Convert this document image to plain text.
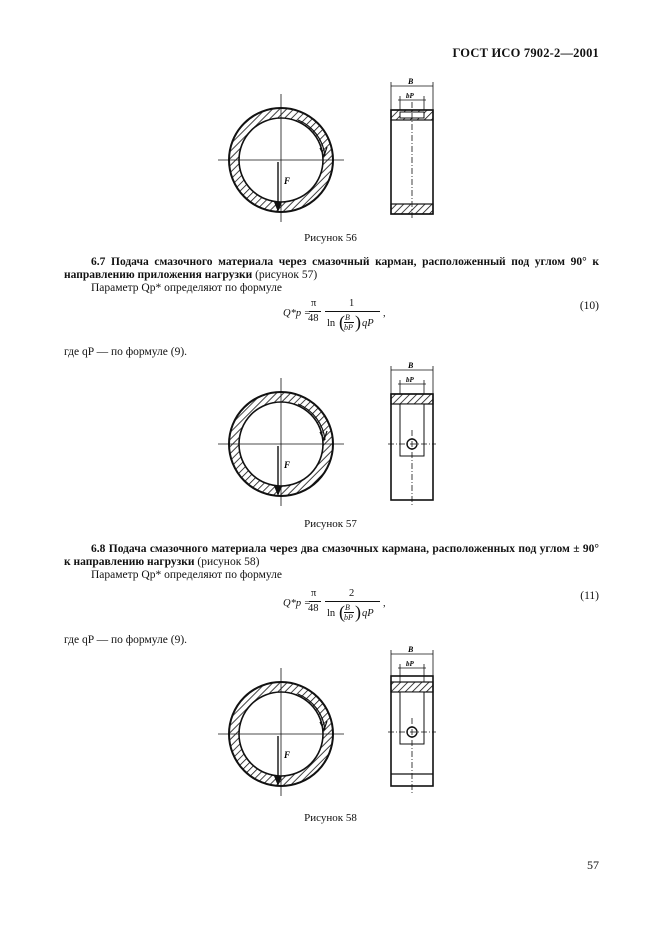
ГОСТ ИСО 7902-2—2001
F
B
bP
Рисунок 56
6.7 Подача смазочного материала через смазочный карман, расположенный под углом 90° к направлению приложения нагрузки (рисунок 57)
Параметр Qp* определяют по формуле
Q*p =
π
48
1
ln ( B
bP ) qP
,
(10)
где qP — по формуле (9).
F
B
bP
Рисунок 57
6.8 Подача смазочного материала через два смазочных кармана, расположенных под углом ± 90° к направлению нагрузки (рисунок 58)
Параметр Qp* определяют по формуле
Q*p =
π
48
2
ln ( B
bP ) qP
,
(11)
где qP — по формуле (9).
F
B
bP
Рисунок 58
57
